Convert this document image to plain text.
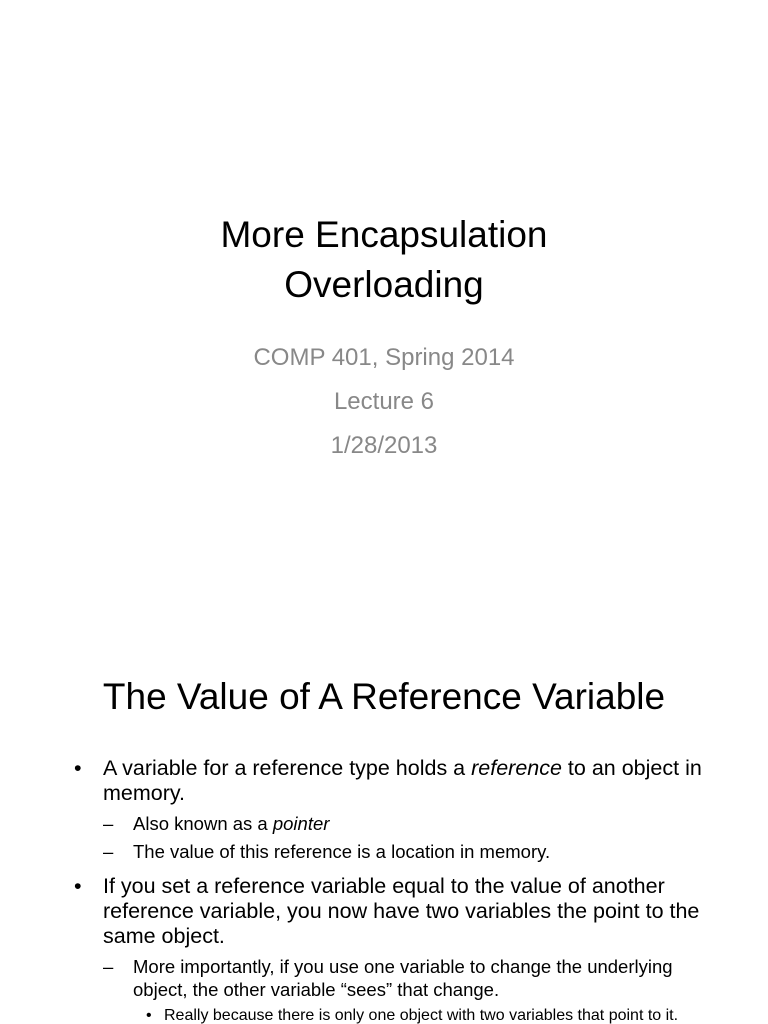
More Encapsulation
Overloading
COMP 401, Spring 2014
Lecture 6
1/28/2013
The Value of A Reference Variable
• A variable for a reference type holds a reference to an object in memory.
– Also known as a pointer
– The value of this reference is a location in memory.
• If you set a reference variable equal to the value of another reference variable, you now have two variables the point to the same object.
– More importantly, if you use one variable to change the underlying object, the other variable “sees” that change.
• Really because there is only one object with two variables that point to it.
